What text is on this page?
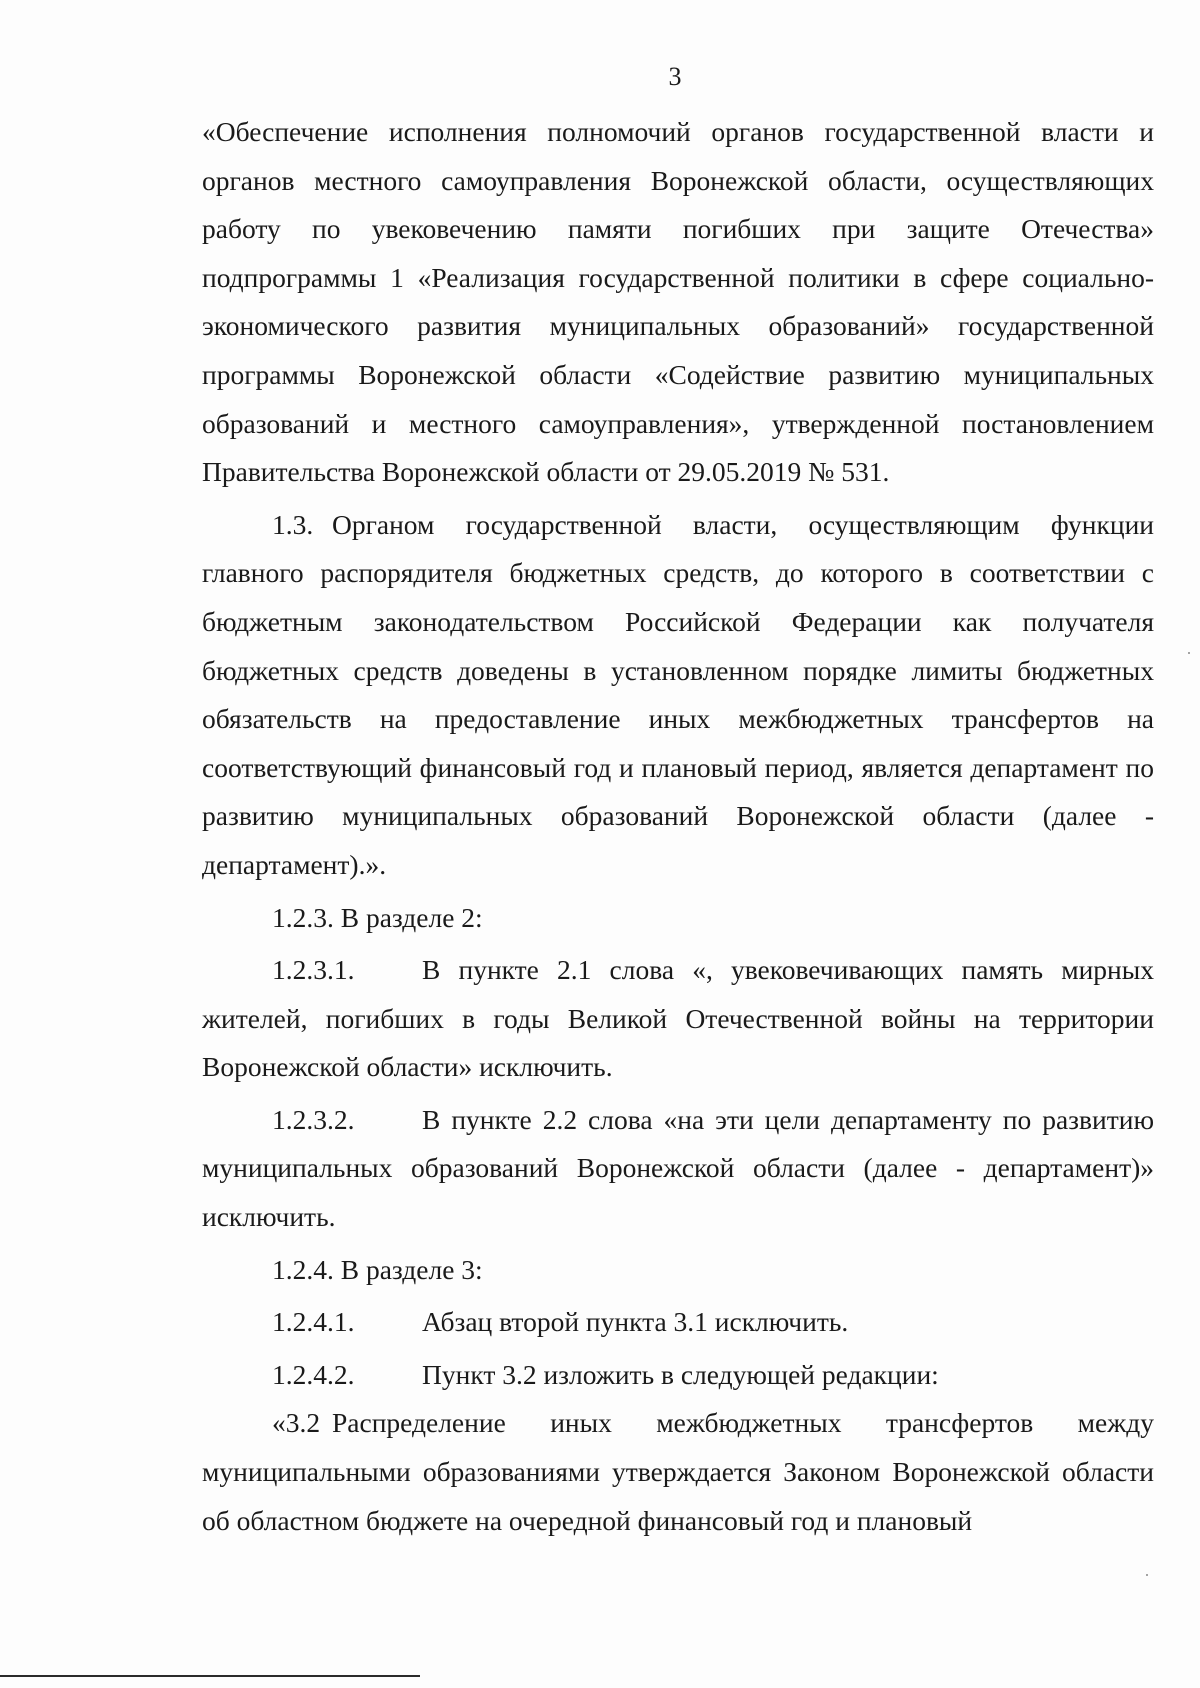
3

«Обеспечение исполнения полномочий органов государственной власти и органов местного самоуправления Воронежской области, осуществляющих работу по увековечению памяти погибших при защите Отечества» подпрограммы 1 «Реализация государственной политики в сфере социально-экономического развития муниципальных образований» государственной программы Воронежской области «Содействие развитию муниципальных образований и местного самоуправления», утвержденной постановлением Правительства Воронежской области от 29.05.2019 № 531.

1.3. Органом государственной власти, осуществляющим функции главного распорядителя бюджетных средств, до которого в соответствии с бюджетным законодательством Российской Федерации как получателя бюджетных средств доведены в установленном порядке лимиты бюджетных обязательств на предоставление иных межбюджетных трансфертов на соответствующий финансовый год и плановый период, является департамент по развитию муниципальных образований Воронежской области (далее - департамент).».

1.2.3. В разделе 2:

1.2.3.1. В пункте 2.1 слова «, увековечивающих память мирных жителей, погибших в годы Великой Отечественной войны на территории Воронежской области» исключить.

1.2.3.2. В пункте 2.2 слова «на эти цели департаменту по развитию муниципальных образований Воронежской области (далее - департамент)» исключить.

1.2.4. В разделе 3:

1.2.4.1. Абзац второй пункта 3.1 исключить.

1.2.4.2. Пункт 3.2 изложить в следующей редакции:

«3.2 Распределение иных межбюджетных трансфертов между муниципальными образованиями утверждается Законом Воронежской области об областном бюджете на очередной финансовый год и плановый
